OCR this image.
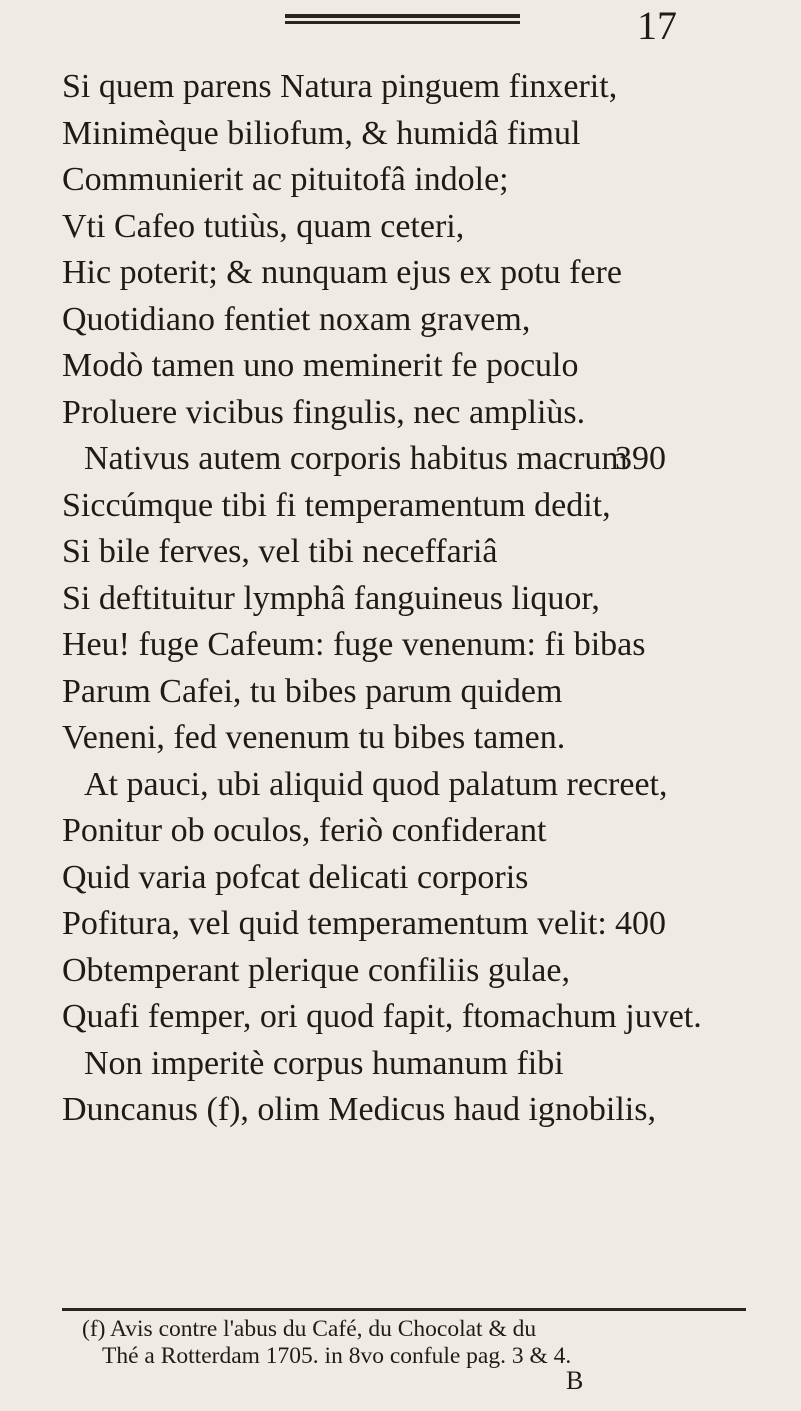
17
Si quem parens Natura pinguem finxerit,
Minimèque biliofum, & humidâ fimul
Communierit ac pituitofâ indole;
Vti Cafeo tutiùs, quam ceteri,
Hic poterit; & nunquam ejus ex potu fere
Quotidiano fentiet noxam gravem,
Modò tamen uno meminerit fe poculo
Proluere vicibus fingulis, nec ampliùs.
Nativus autem corporis habitus macrum
390
Siccúmque tibi fi temperamentum dedit,
Si bile ferves, vel tibi neceffariâ
Si deftituitur lymphâ fanguineus liquor,
Heu! fuge Cafeum: fuge venenum: fi bibas
Parum Cafei, tu bibes parum quidem
Veneni, fed venenum tu bibes tamen.
At pauci, ubi aliquid quod palatum recreet,
Ponitur ob oculos, feriò confiderant
Quid varia pofcat delicati corporis
Pofitura, vel quid temperamentum velit: 400
Obtemperant plerique confiliis gulae,
Quafi femper, ori quod fapit, ftomachum juvet.
Non imperitè corpus humanum fibi
Duncanus (f), olim Medicus haud ignobilis,
(f) Avis contre l'abus du Café, du Chocolat & du
Thé a Rotterdam 1705. in 8vo confule pag. 3 & 4.
B
